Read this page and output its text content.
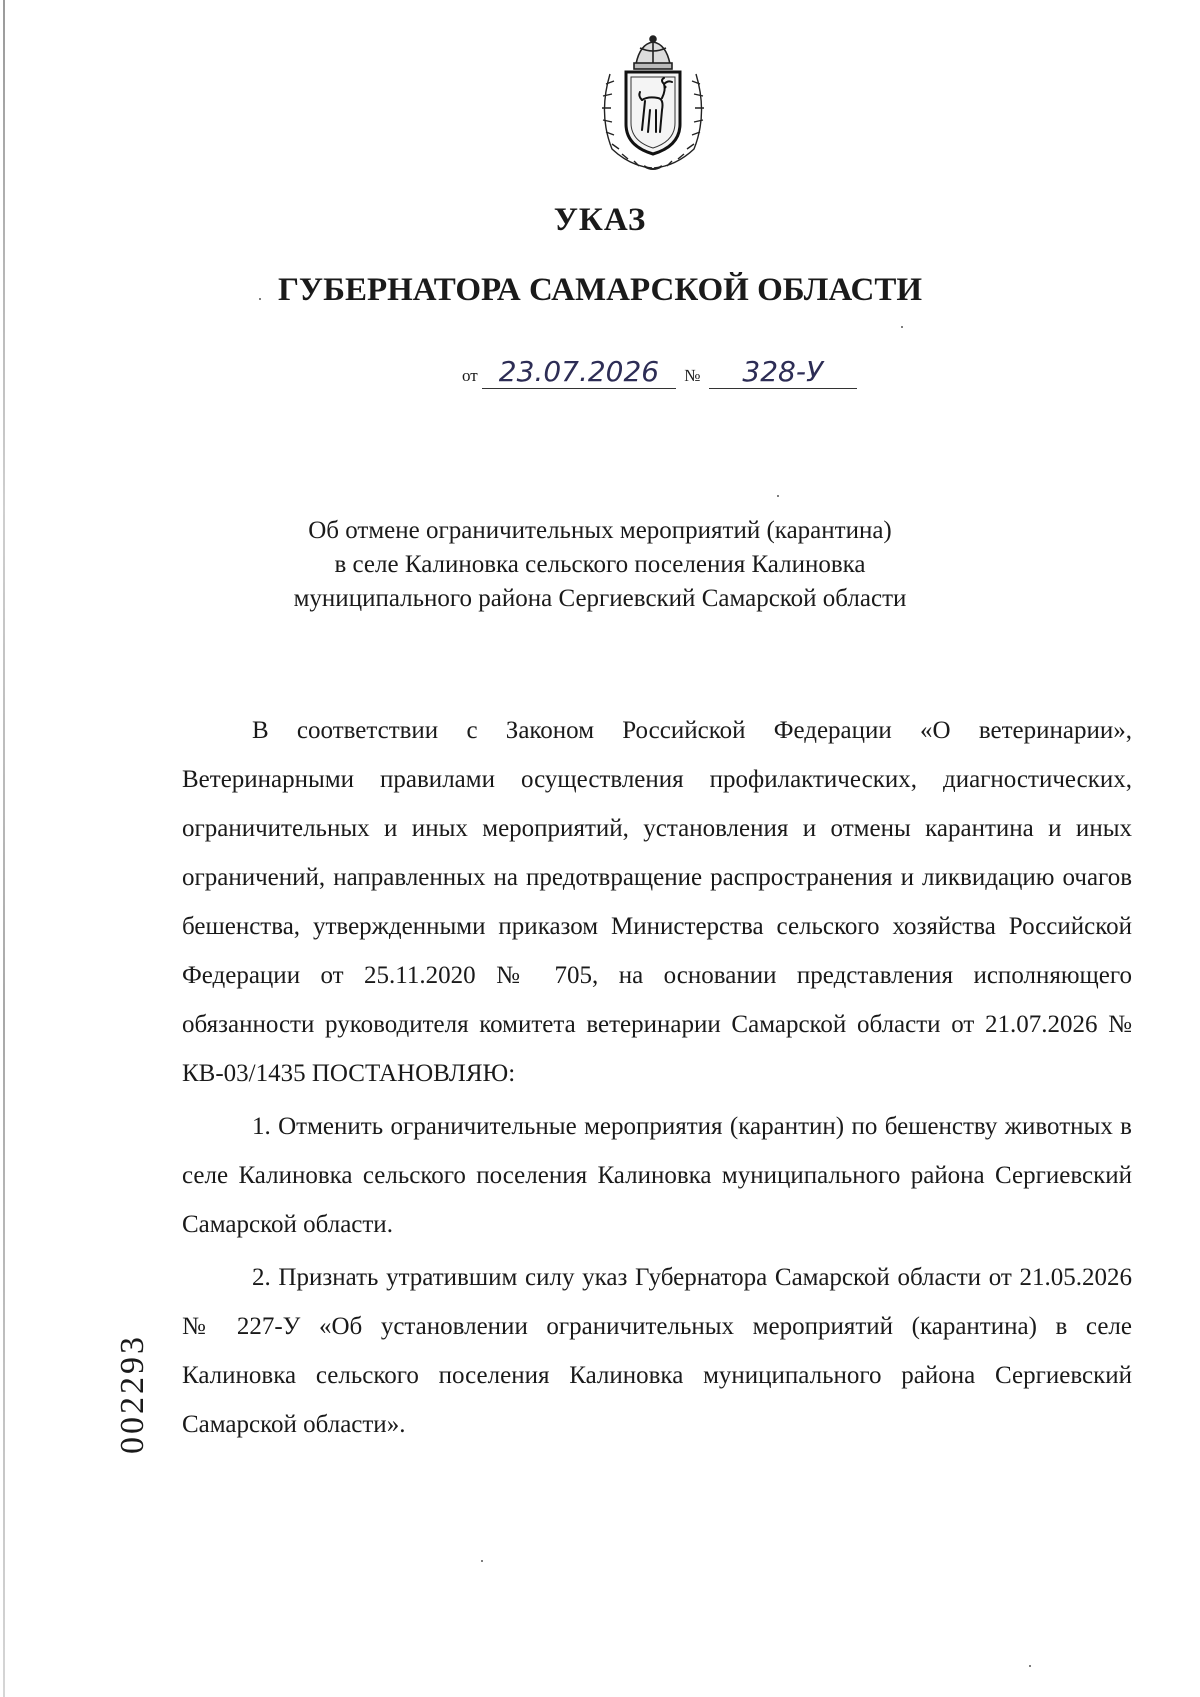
УКАЗ
ГУБЕРНАТОРА САМАРСКОЙ ОБЛАСТИ
от 23.07.2026 № 328-У
Об отмене ограничительных мероприятий (карантина)
в селе Калиновка сельского поселения Калиновка
муниципального района Сергиевский Самарской области

В соответствии с Законом Российской Федерации «О ветеринарии», Ветеринарными правилами осуществления профилактических, диагностических, ограничительных и иных мероприятий, установления и отмены карантина и иных ограничений, направленных на предотвращение распространения и ликвидацию очагов бешенства, утвержденными приказом Министерства сельского хозяйства Российской Федерации от 25.11.2020 № 705, на основании представления исполняющего обязанности руководителя комитета ветеринарии Самарской области от 21.07.2026 № КВ-03/1435 ПОСТАНОВЛЯЮ:

1. Отменить ограничительные мероприятия (карантин) по бешенству животных в селе Калиновка сельского поселения Калиновка муниципального района Сергиевский Самарской области.

2. Признать утратившим силу указ Губернатора Самарской области от 21.05.2026 № 227-У «Об установлении ограничительных мероприятий (карантина) в селе Калиновка сельского поселения Калиновка муниципального района Сергиевский Самарской области».

002293
